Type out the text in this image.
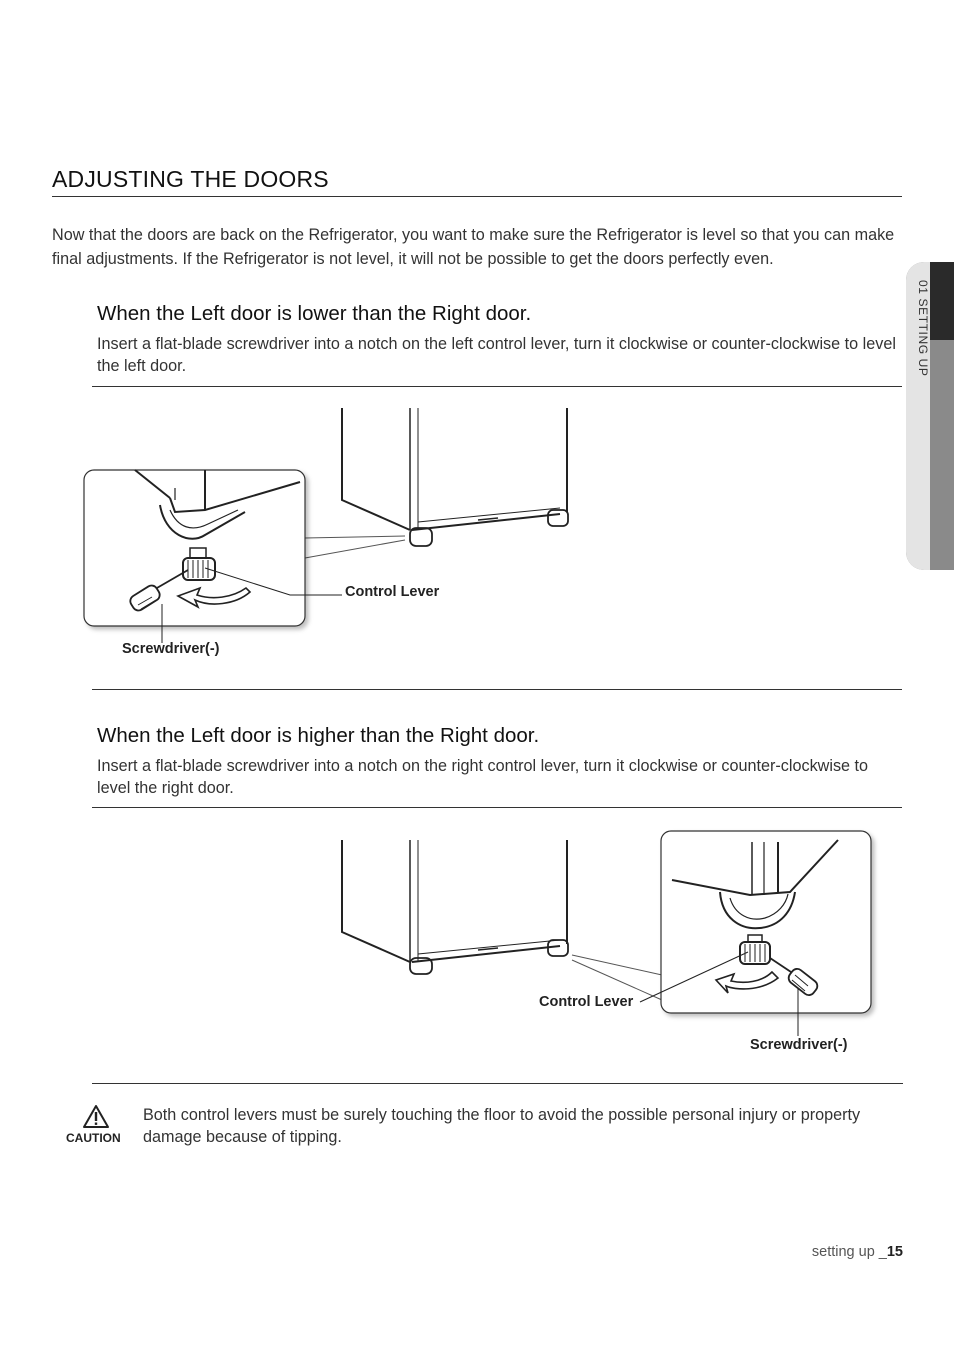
01 SETTING UP
ADJUSTING THE DOORS
Now that the doors are back on the Refrigerator, you want to make sure the Refrigerator is level so that you can make final adjustments. If the Refrigerator is not level, it will not be possible to get the doors perfectly even.
When the Left door is lower than the Right door.
Insert a flat-blade screwdriver into a notch on the left control lever, turn it clockwise or counter-clockwise to level the left door.
Control Lever
Screwdriver(-)
When the Left door is higher than the Right door.
Insert a flat-blade screwdriver into a notch on the right control lever, turn it clockwise or counter-clockwise to level the right door.
Control Lever
Screwdriver(-)
CAUTION
Both control levers must be surely touching the floor to avoid the possible personal injury or property damage because of tipping.
setting up _15
